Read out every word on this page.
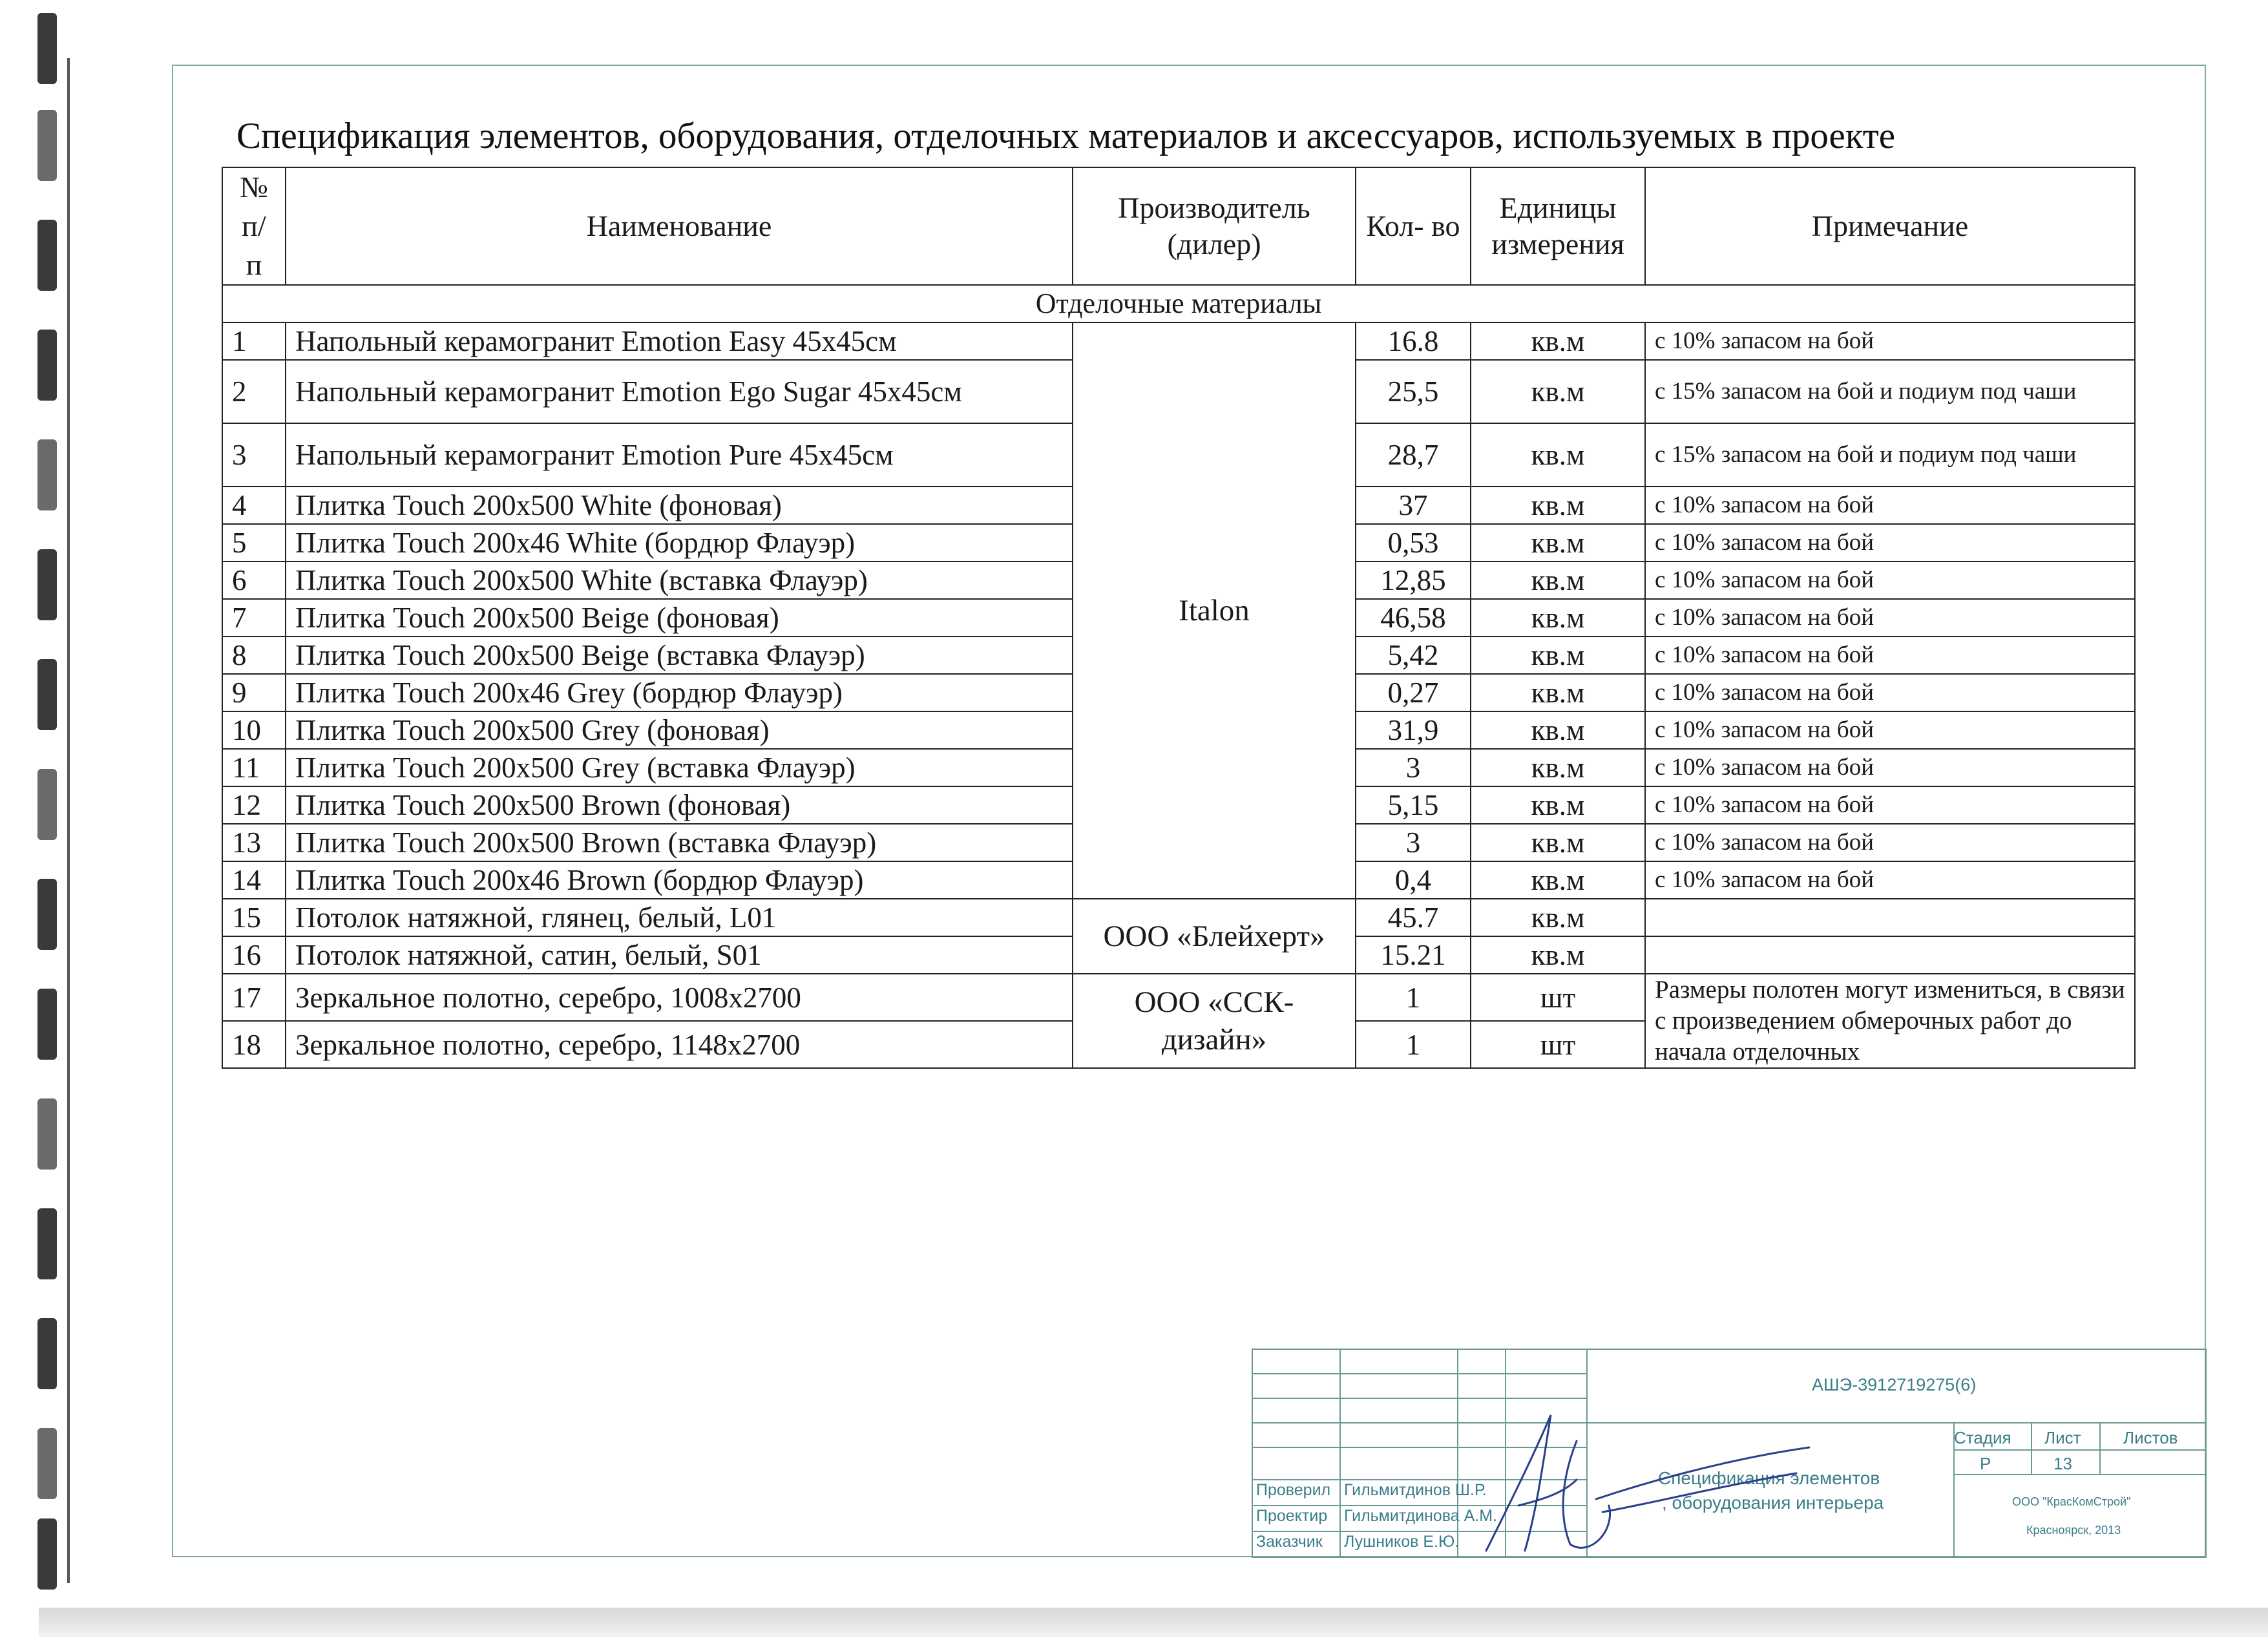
Спецификация элементов, оборудования, отделочных материалов и аксессуаров, используемых в проекте
№ п/ п	Наименование	Производитель (дилер)	Кол- во	Единицы измерения	Примечание
Отделочные материалы					
1	Напольный керамогранит Emotion Easy 45x45см	Italon	16.8	кв.м	с 10% запасом на бой
2	Напольный керамогранит Emotion Ego Sugar 45x45см		25,5	кв.м	с 15% запасом на бой и подиум под чаши
3	Напольный керамогранит Emotion Pure 45x45см		28,7	кв.м	с 15% запасом на бой и подиум под чаши
4	Плитка Touch 200x500 White (фоновая)		37	кв.м	с 10% запасом на бой
5	Плитка Touch 200x46 White (бордюр Флауэр)		0,53	кв.м	с 10% запасом на бой
6	Плитка Touch 200x500 White (вставка Флауэр)		12,85	кв.м	с 10% запасом на бой
7	Плитка Touch 200x500 Beige (фоновая)		46,58	кв.м	с 10% запасом на бой
8	Плитка Touch 200x500 Beige (вставка Флауэр)		5,42	кв.м	с 10% запасом на бой
9	Плитка Touch 200x46 Grey (бордюр Флауэр)		0,27	кв.м	с 10% запасом на бой
10	Плитка Touch 200x500 Grey (фоновая)		31,9	кв.м	с 10% запасом на бой
11	Плитка Touch 200x500 Grey (вставка Флауэр)		3	кв.м	с 10% запасом на бой
12	Плитка Touch 200x500 Brown (фоновая)		5,15	кв.м	с 10% запасом на бой
13	Плитка Touch 200x500 Brown (вставка Флауэр)		3	кв.м	с 10% запасом на бой
14	Плитка Touch 200x46 Brown (бордюр Флауэр)		0,4	кв.м	с 10% запасом на бой
15	Потолок натяжной, глянец, белый, L01	ООО «Блейхерт»	45.7	кв.м	
16	Потолок натяжной, сатин, белый, S01		15.21	кв.м	
17	Зеркальное полотно, серебро, 1008x2700	ООО «ССК-дизайн»	1	шт	Размеры полотен могут измениться, в связи с произведением обмерочных работ до начала отделочных
18	Зеркальное полотно, серебро, 1148x2700		1	шт	
АШЭ-3912719275(6)
Стадия Лист	Листов
Р	13
Спецификация элементов
, оборудования интерьера	ООО "КрасКомСтрой"
Красноярск, 2013
Проверил Гильмитдинов Ш.Р.
Проектир Гильмитдинова А.М.
Заказчик Лушников Е.Ю.
